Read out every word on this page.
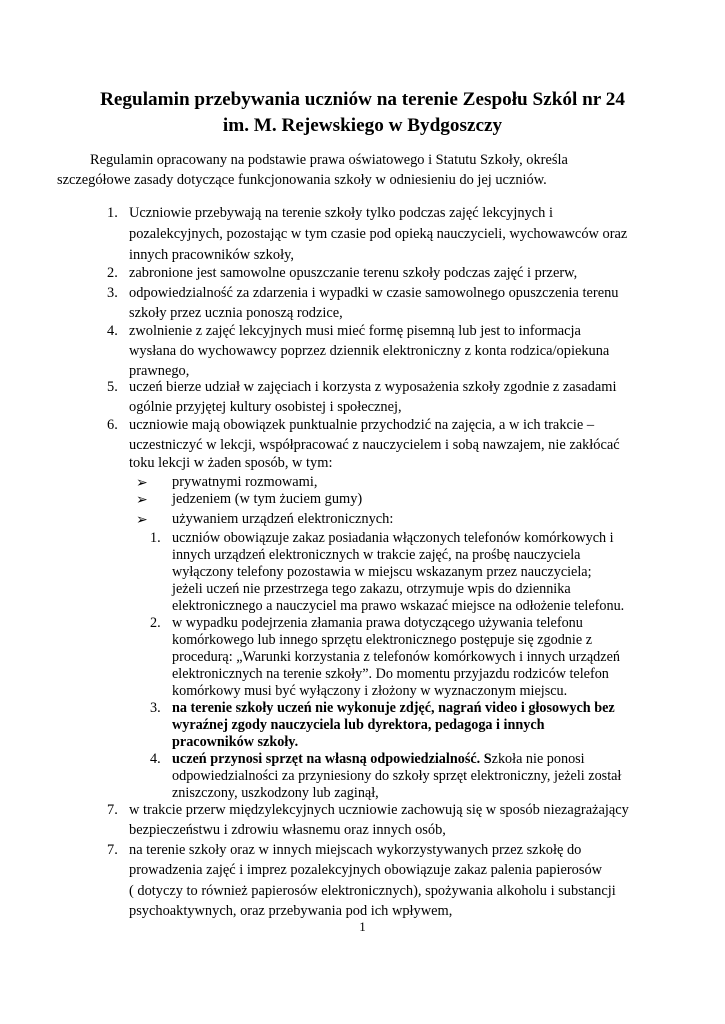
Regulamin przebywania uczniów na terenie Zespołu Szkól nr 24
im. M. Rejewskiego w Bydgoszczy

Regulamin opracowany na podstawie prawa oświatowego i Statutu Szkoły, określa

szczegółowe zasady dotyczące funkcjonowania szkoły w odniesieniu do jej uczniów.

1. Uczniowie przebywają na terenie szkoły tylko podczas zajęć lekcyjnych i

pozalekcyjnych, pozostając w tym czasie pod opieką nauczycieli, wychowawców oraz

innych pracowników szkoły,

2. zabronione jest samowolne opuszczanie terenu szkoły podczas zajęć i przerw,

3. odpowiedzialność za zdarzenia i wypadki w czasie samowolnego opuszczenia terenu

szkoły przez ucznia ponoszą rodzice,

4. zwolnienie z zajęć lekcyjnych musi mieć formę pisemną lub jest to informacja

wysłana do wychowawcy poprzez dziennik elektroniczny z konta rodzica/opiekuna

prawnego,

5. uczeń bierze udział w zajęciach i korzysta z wyposażenia szkoły zgodnie z zasadami

ogólnie przyjętej kultury osobistej i społecznej,

6. uczniowie mają obowiązek punktualnie przychodzić na zajęcia, a w ich trakcie –

uczestniczyć w lekcji, współpracować z nauczycielem i sobą nawzajem, nie zakłócać

toku lekcji w żaden sposób, w tym:

➢ prywatnymi rozmowami,

➢ jedzeniem (w tym żuciem gumy)

➢ używaniem urządzeń elektronicznych:

1. uczniów obowiązuje zakaz posiadania włączonych telefonów komórkowych i

innych urządzeń elektronicznych w trakcie zajęć, na prośbę nauczyciela

wyłączony telefony pozostawia w miejscu wskazanym przez nauczyciela;

jeżeli uczeń nie przestrzega tego zakazu, otrzymuje wpis do dziennika

elektronicznego a nauczyciel ma prawo wskazać miejsce na odłożenie telefonu.

2. w wypadku podejrzenia złamania prawa dotyczącego używania telefonu

komórkowego lub innego sprzętu elektronicznego postępuje się zgodnie z

procedurą: „Warunki korzystania z telefonów komórkowych i innych urządzeń

elektronicznych na terenie szkoły”. Do momentu przyjazdu rodziców telefon

komórkowy musi być wyłączony i złożony w wyznaczonym miejscu.

3. na terenie szkoły uczeń nie wykonuje zdjęć, nagrań video i głosowych bez

wyraźnej zgody nauczyciela lub dyrektora, pedagoga i innych

pracowników szkoły.

4. uczeń przynosi sprzęt na własną odpowiedzialność. Szkoła nie ponosi

odpowiedzialności za przyniesiony do szkoły sprzęt elektroniczny, jeżeli został

zniszczony, uszkodzony lub zaginął,

7. w trakcie przerw międzylekcyjnych uczniowie zachowują się w sposób niezagrażający

bezpieczeństwu i zdrowiu własnemu oraz innych osób,

7. na terenie szkoły oraz w innych miejscach wykorzystywanych przez szkołę do

prowadzenia zajęć i imprez pozalekcyjnych obowiązuje zakaz palenia papierosów

( dotyczy to również papierosów elektronicznych), spożywania alkoholu i substancji

psychoaktywnych, oraz przebywania pod ich wpływem,

1
